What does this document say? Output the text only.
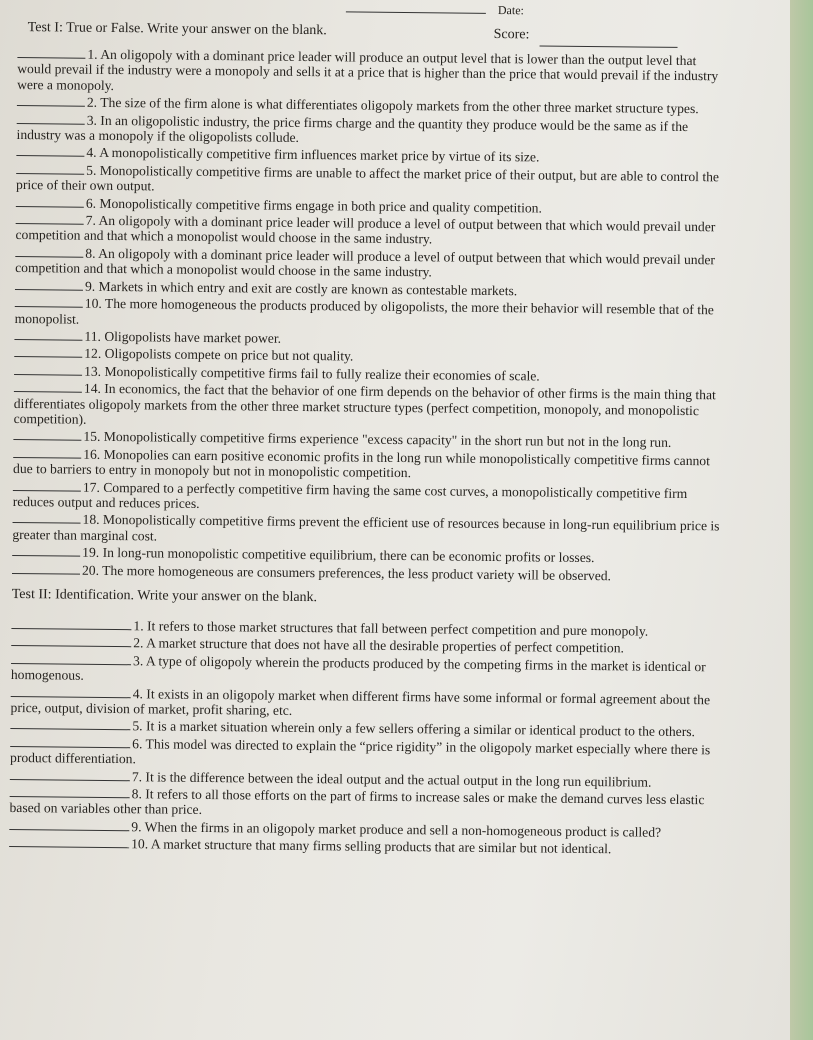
Date:
Test I: True or False. Write your answer on the blank.	Score:

1. An oligopoly with a dominant price leader will produce an output level that is lower than the output level that would prevail if the industry were a monopoly and sells it at a price that is higher than the price that would prevail if the industry were a monopoly.

2. The size of the firm alone is what differentiates oligopoly markets from the other three market structure types.

3. In an oligopolistic industry, the price firms charge and the quantity they produce would be the same as if the industry was a monopoly if the oligopolists collude.

4. A monopolistically competitive firm influences market price by virtue of its size.

5. Monopolistically competitive firms are unable to affect the market price of their output, but are able to control the price of their own output.

6. Monopolistically competitive firms engage in both price and quality competition.

7. An oligopoly with a dominant price leader will produce a level of output between that which would prevail under competition and that which a monopolist would choose in the same industry.

8. An oligopoly with a dominant price leader will produce a level of output between that which would prevail under competition and that which a monopolist would choose in the same industry.

9. Markets in which entry and exit are costly are known as contestable markets.

10. The more homogeneous the products produced by oligopolists, the more their behavior will resemble that of the monopolist.

11. Oligopolists have market power.

12. Oligopolists compete on price but not quality.

13. Monopolistically competitive firms fail to fully realize their economies of scale.

14. In economics, the fact that the behavior of one firm depends on the behavior of other firms is the main thing that differentiates oligopoly markets from the other three market structure types (perfect competition, monopoly, and monopolistic competition).

15. Monopolistically competitive firms experience "excess capacity" in the short run but not in the long run.

16. Monopolies can earn positive economic profits in the long run while monopolistically competitive firms cannot due to barriers to entry in monopoly but not in monopolistic competition.

17. Compared to a perfectly competitive firm having the same cost curves, a monopolistically competitive firm reduces output and reduces prices.

18. Monopolistically competitive firms prevent the efficient use of resources because in long-run equilibrium price is greater than marginal cost.

19. In long-run monopolistic competitive equilibrium, there can be economic profits or losses.

20. The more homogeneous are consumers preferences, the less product variety will be observed.

Test II: Identification. Write your answer on the blank.

1. It refers to those market structures that fall between perfect competition and pure monopoly.

2. A market structure that does not have all the desirable properties of perfect competition.

3. A type of oligopoly wherein the products produced by the competing firms in the market is identical or homogenous.

4. It exists in an oligopoly market when different firms have some informal or formal agreement about the price, output, division of market, profit sharing, etc.

5. It is a market situation wherein only a few sellers offering a similar or identical product to the others.

6. This model was directed to explain the “price rigidity” in the oligopoly market especially where there is product differentiation.

7. It is the difference between the ideal output and the actual output in the long run equilibrium.

8. It refers to all those efforts on the part of firms to increase sales or make the demand curves less elastic based on variables other than price.

9. When the firms in an oligopoly market produce and sell a non-homogeneous product is called?

10. A market structure that many firms selling products that are similar but not identical.
